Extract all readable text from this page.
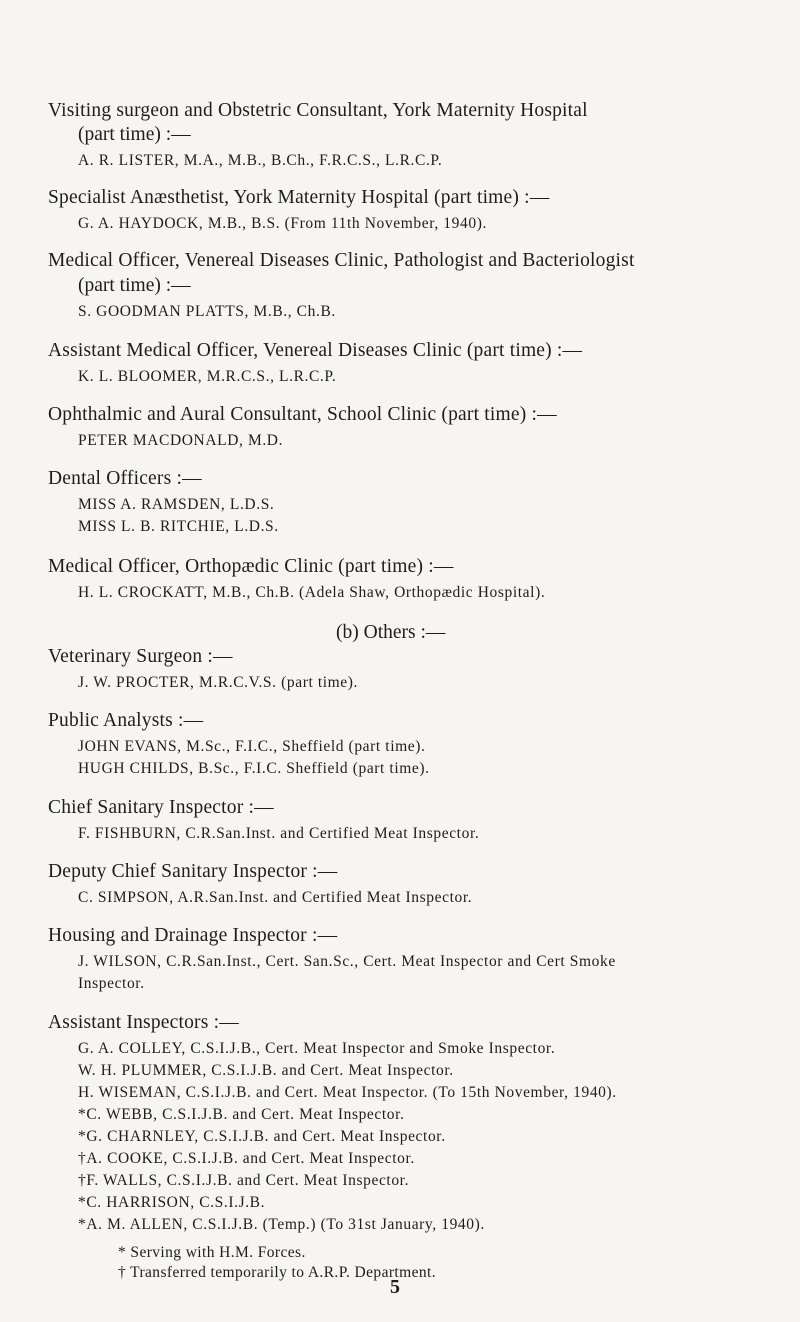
Visiting surgeon and Obstetric Consultant, York Maternity Hospital
(part time) :—
A. R. LISTER, M.A., M.B., B.Ch., F.R.C.S., L.R.C.P.
Specialist Anæsthetist, York Maternity Hospital (part time) :—
G. A. HAYDOCK, M.B., B.S. (From 11th November, 1940).
Medical Officer, Venereal Diseases Clinic, Pathologist and Bacteriologist
(part time) :—
S. GOODMAN PLATTS, M.B., Ch.B.
Assistant Medical Officer, Venereal Diseases Clinic (part time) :—
K. L. BLOOMER, M.R.C.S., L.R.C.P.
Ophthalmic and Aural Consultant, School Clinic (part time) :—
PETER MACDONALD, M.D.
Dental Officers :—
MISS A. RAMSDEN, L.D.S.
MISS L. B. RITCHIE, L.D.S.
Medical Officer, Orthopædic Clinic (part time) :—
H. L. CROCKATT, M.B., Ch.B. (Adela Shaw, Orthopædic Hospital).
(b) Others :—
Veterinary Surgeon :—
J. W. PROCTER, M.R.C.V.S. (part time).
Public Analysts :—
JOHN EVANS, M.Sc., F.I.C., Sheffield (part time).
HUGH CHILDS, B.Sc., F.I.C. Sheffield (part time).
Chief Sanitary Inspector :—
F. FISHBURN, C.R.San.Inst. and Certified Meat Inspector.
Deputy Chief Sanitary Inspector :—
C. SIMPSON, A.R.San.Inst. and Certified Meat Inspector.
Housing and Drainage Inspector :—
J. WILSON, C.R.San.Inst., Cert. San.Sc., Cert. Meat Inspector and Cert Smoke
Inspector.
Assistant Inspectors :—
G. A. COLLEY, C.S.I.J.B., Cert. Meat Inspector and Smoke Inspector.
W. H. PLUMMER, C.S.I.J.B. and Cert. Meat Inspector.
H. WISEMAN, C.S.I.J.B. and Cert. Meat Inspector. (To 15th November, 1940).
*C. WEBB, C.S.I.J.B. and Cert. Meat Inspector.
*G. CHARNLEY, C.S.I.J.B. and Cert. Meat Inspector.
†A. COOKE, C.S.I.J.B. and Cert. Meat Inspector.
†F. WALLS, C.S.I.J.B. and Cert. Meat Inspector.
*C. HARRISON, C.S.I.J.B.
*A. M. ALLEN, C.S.I.J.B. (Temp.) (To 31st January, 1940).
* Serving with H.M. Forces.
† Transferred temporarily to A.R.P. Department.
5
